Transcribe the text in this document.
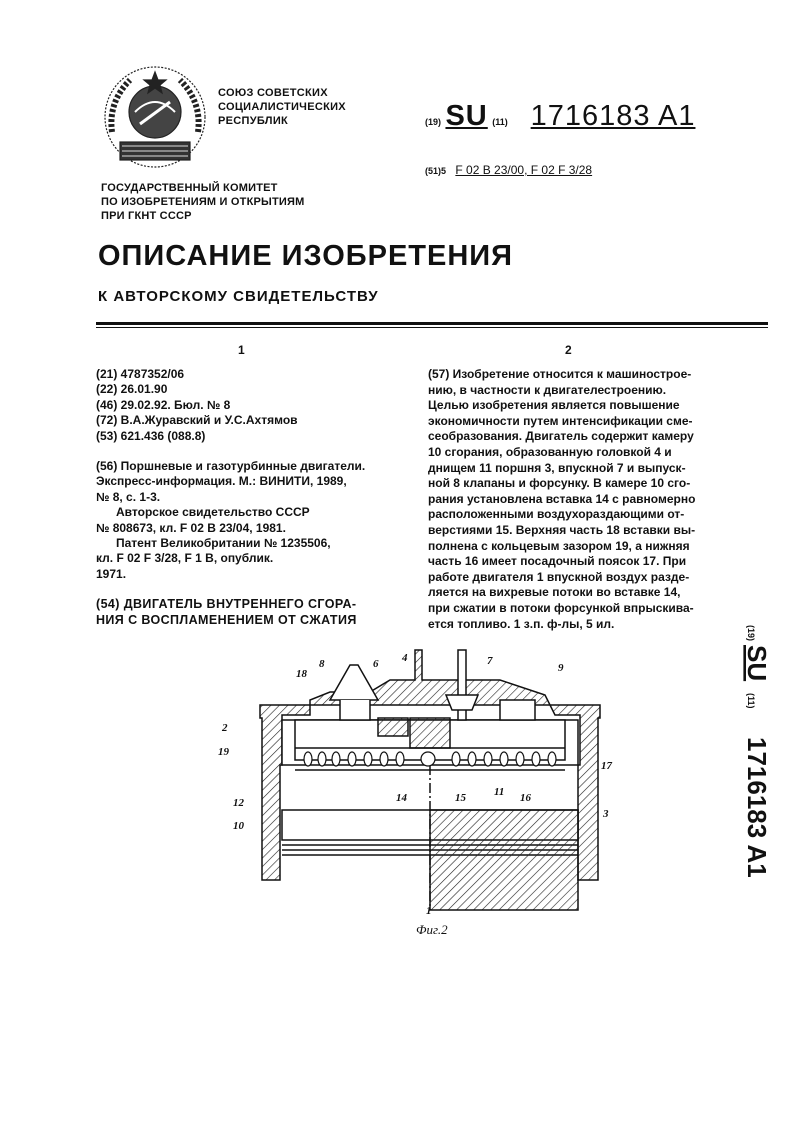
СОЮЗ СОВЕТСКИХ
СОЦИАЛИСТИЧЕСКИХ
РЕСПУБЛИК
ГОСУДАРСТВЕННЫЙ КОМИТЕТ
ПО ИЗОБРЕТЕНИЯМ И ОТКРЫТИЯМ
ПРИ ГКНТ СССР
(19) SU (11) 1716183 A1
(51)5 F 02 B 23/00, F 02 F 3/28
ОПИСАНИЕ ИЗОБРЕТЕНИЯ
К АВТОРСКОМУ СВИДЕТЕЛЬСТВУ
1	2
(21) 4787352/06
(22) 26.01.90
(46) 29.02.92. Бюл. № 8
(72) В.А.Журавский и У.С.Ахтямов
(53) 621.436 (088.8)
(56) Поршневые и газотурбинные двигатели.
Экспресс-информация. М.: ВИНИТИ, 1989,
№ 8, с. 1-3.
Авторское свидетельство СССР
№ 808673, кл. F 02 B 23/04, 1981.
Патент Великобритании № 1235506,
кл. F 02 F 3/28, F 1 B, опублик.
1971.
(54) ДВИГАТЕЛЬ ВНУТРЕННЕГО СГОРА-
НИЯ С ВОСПЛАМЕНЕНИЕМ ОТ СЖАТИЯ
(57) Изобретение относится к машинострое-
нию, в частности к двигателестроению.
Целью изобретения является повышение
экономичности путем интенсификации сме-
сеобразования. Двигатель содержит камеру
10 сгорания, образованную головкой 4 и
днищем 11 поршня 3, впускной 7 и выпуск-
ной 8 клапаны и форсунку. В камере 10 сго-
рания установлена вставка 14 с равномерно
расположенными воздухораздающими от-
верстиями 15. Верхняя часть 18 вставки вы-
полнена с кольцевым зазором 19, а нижняя
часть 16 имеет посадочный поясок 17. При
работе двигателя 1 впускной воздух разде-
ляется на вихревые потоки во вставке 14,
при сжатии в потоки форсункой впрыскива-
ется топливо. 1 з.п. ф-лы, 5 ил.
(19)
SU
(11)
1716183 A1
18
8	6 4	7
9
2
19
17
14	15	11 16
12
10
3
1
Фиг.2
